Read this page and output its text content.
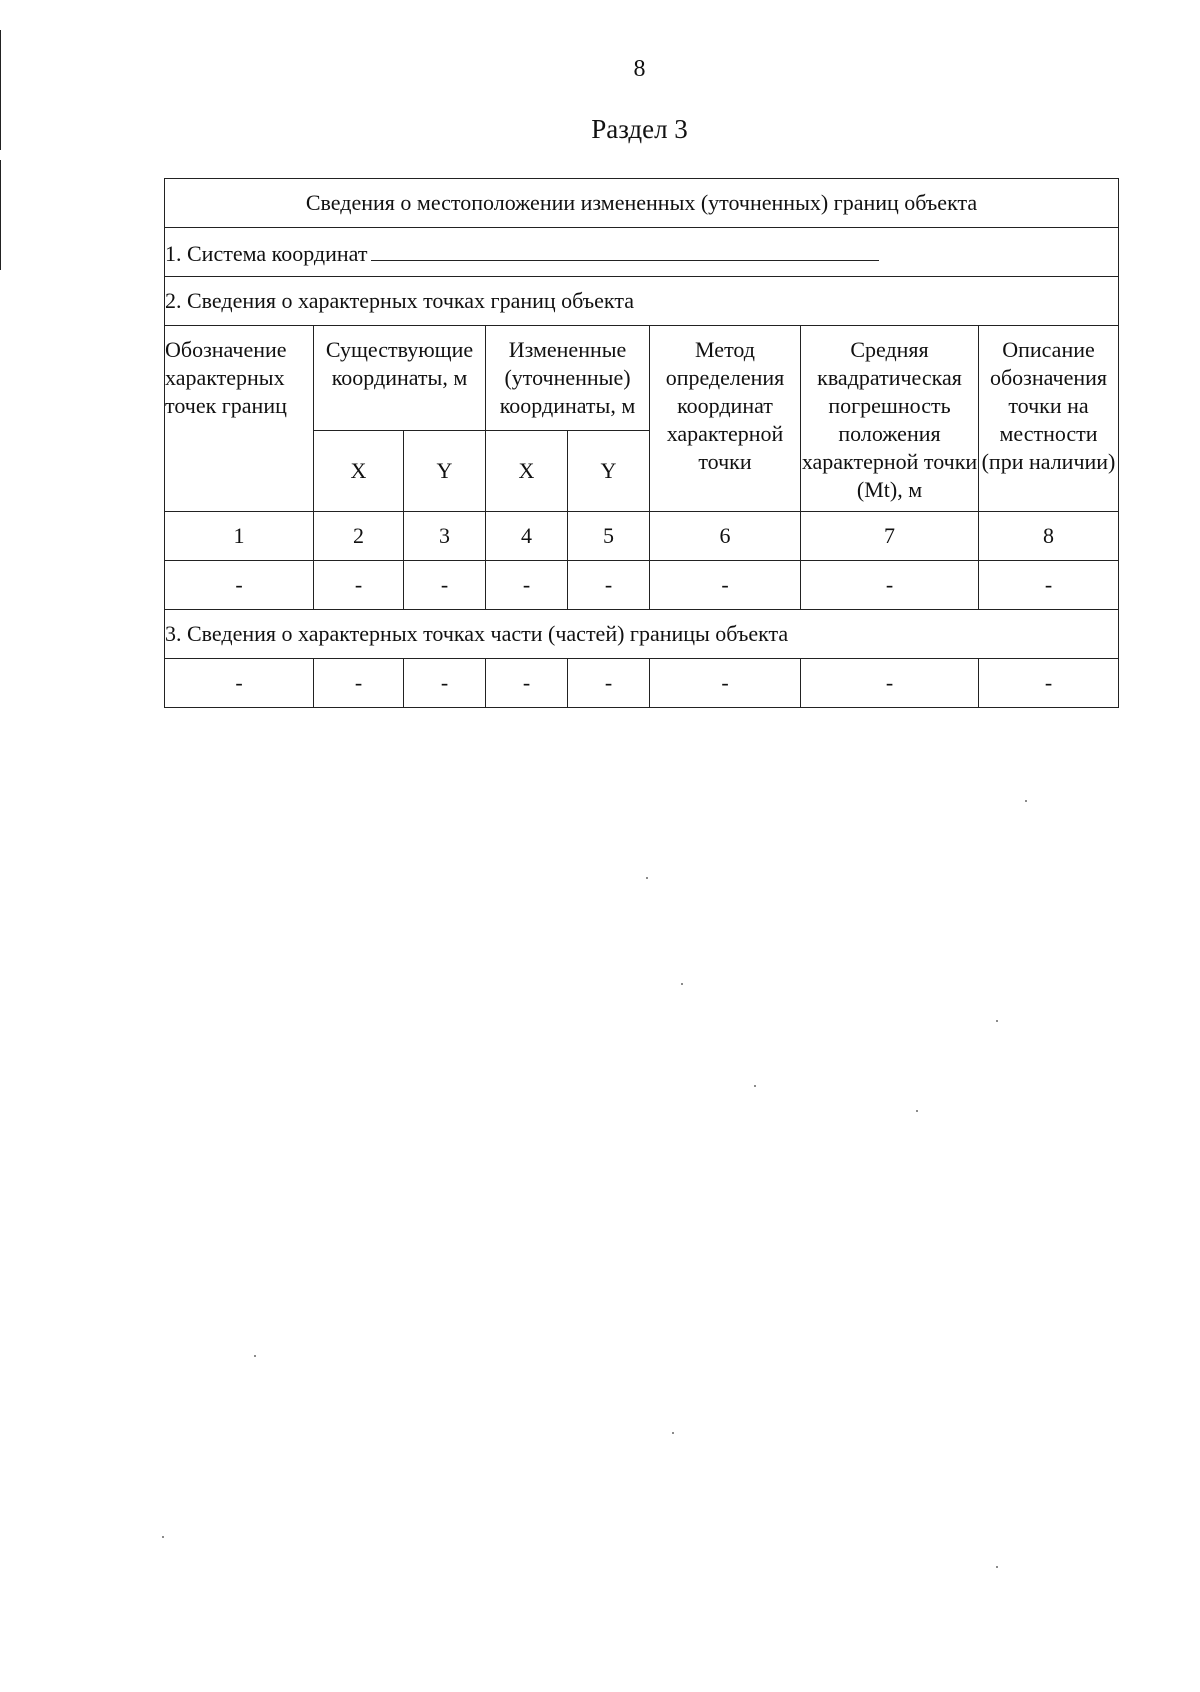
8
Раздел 3
Сведения о местоположении измененных (уточненных) границ объекта							
1. Система координат							
2. Сведения о характерных точках границ объекта							
Обозначение характерных точек границ	Существующие координаты, м		Измененные (уточненные) координаты, м		Метод определения координат характерной точки	Средняя квадратическая погрешность положения характерной точки (Mt), м	Описание обозначения точки на местности (при наличии)
	X	Y	X	Y			
1	2	3	4	5	6	7	8
-	-	-	-	-	-	-	-
3. Сведения о характерных точках части (частей) границы объекта							
-	-	-	-	-	-	-	-
